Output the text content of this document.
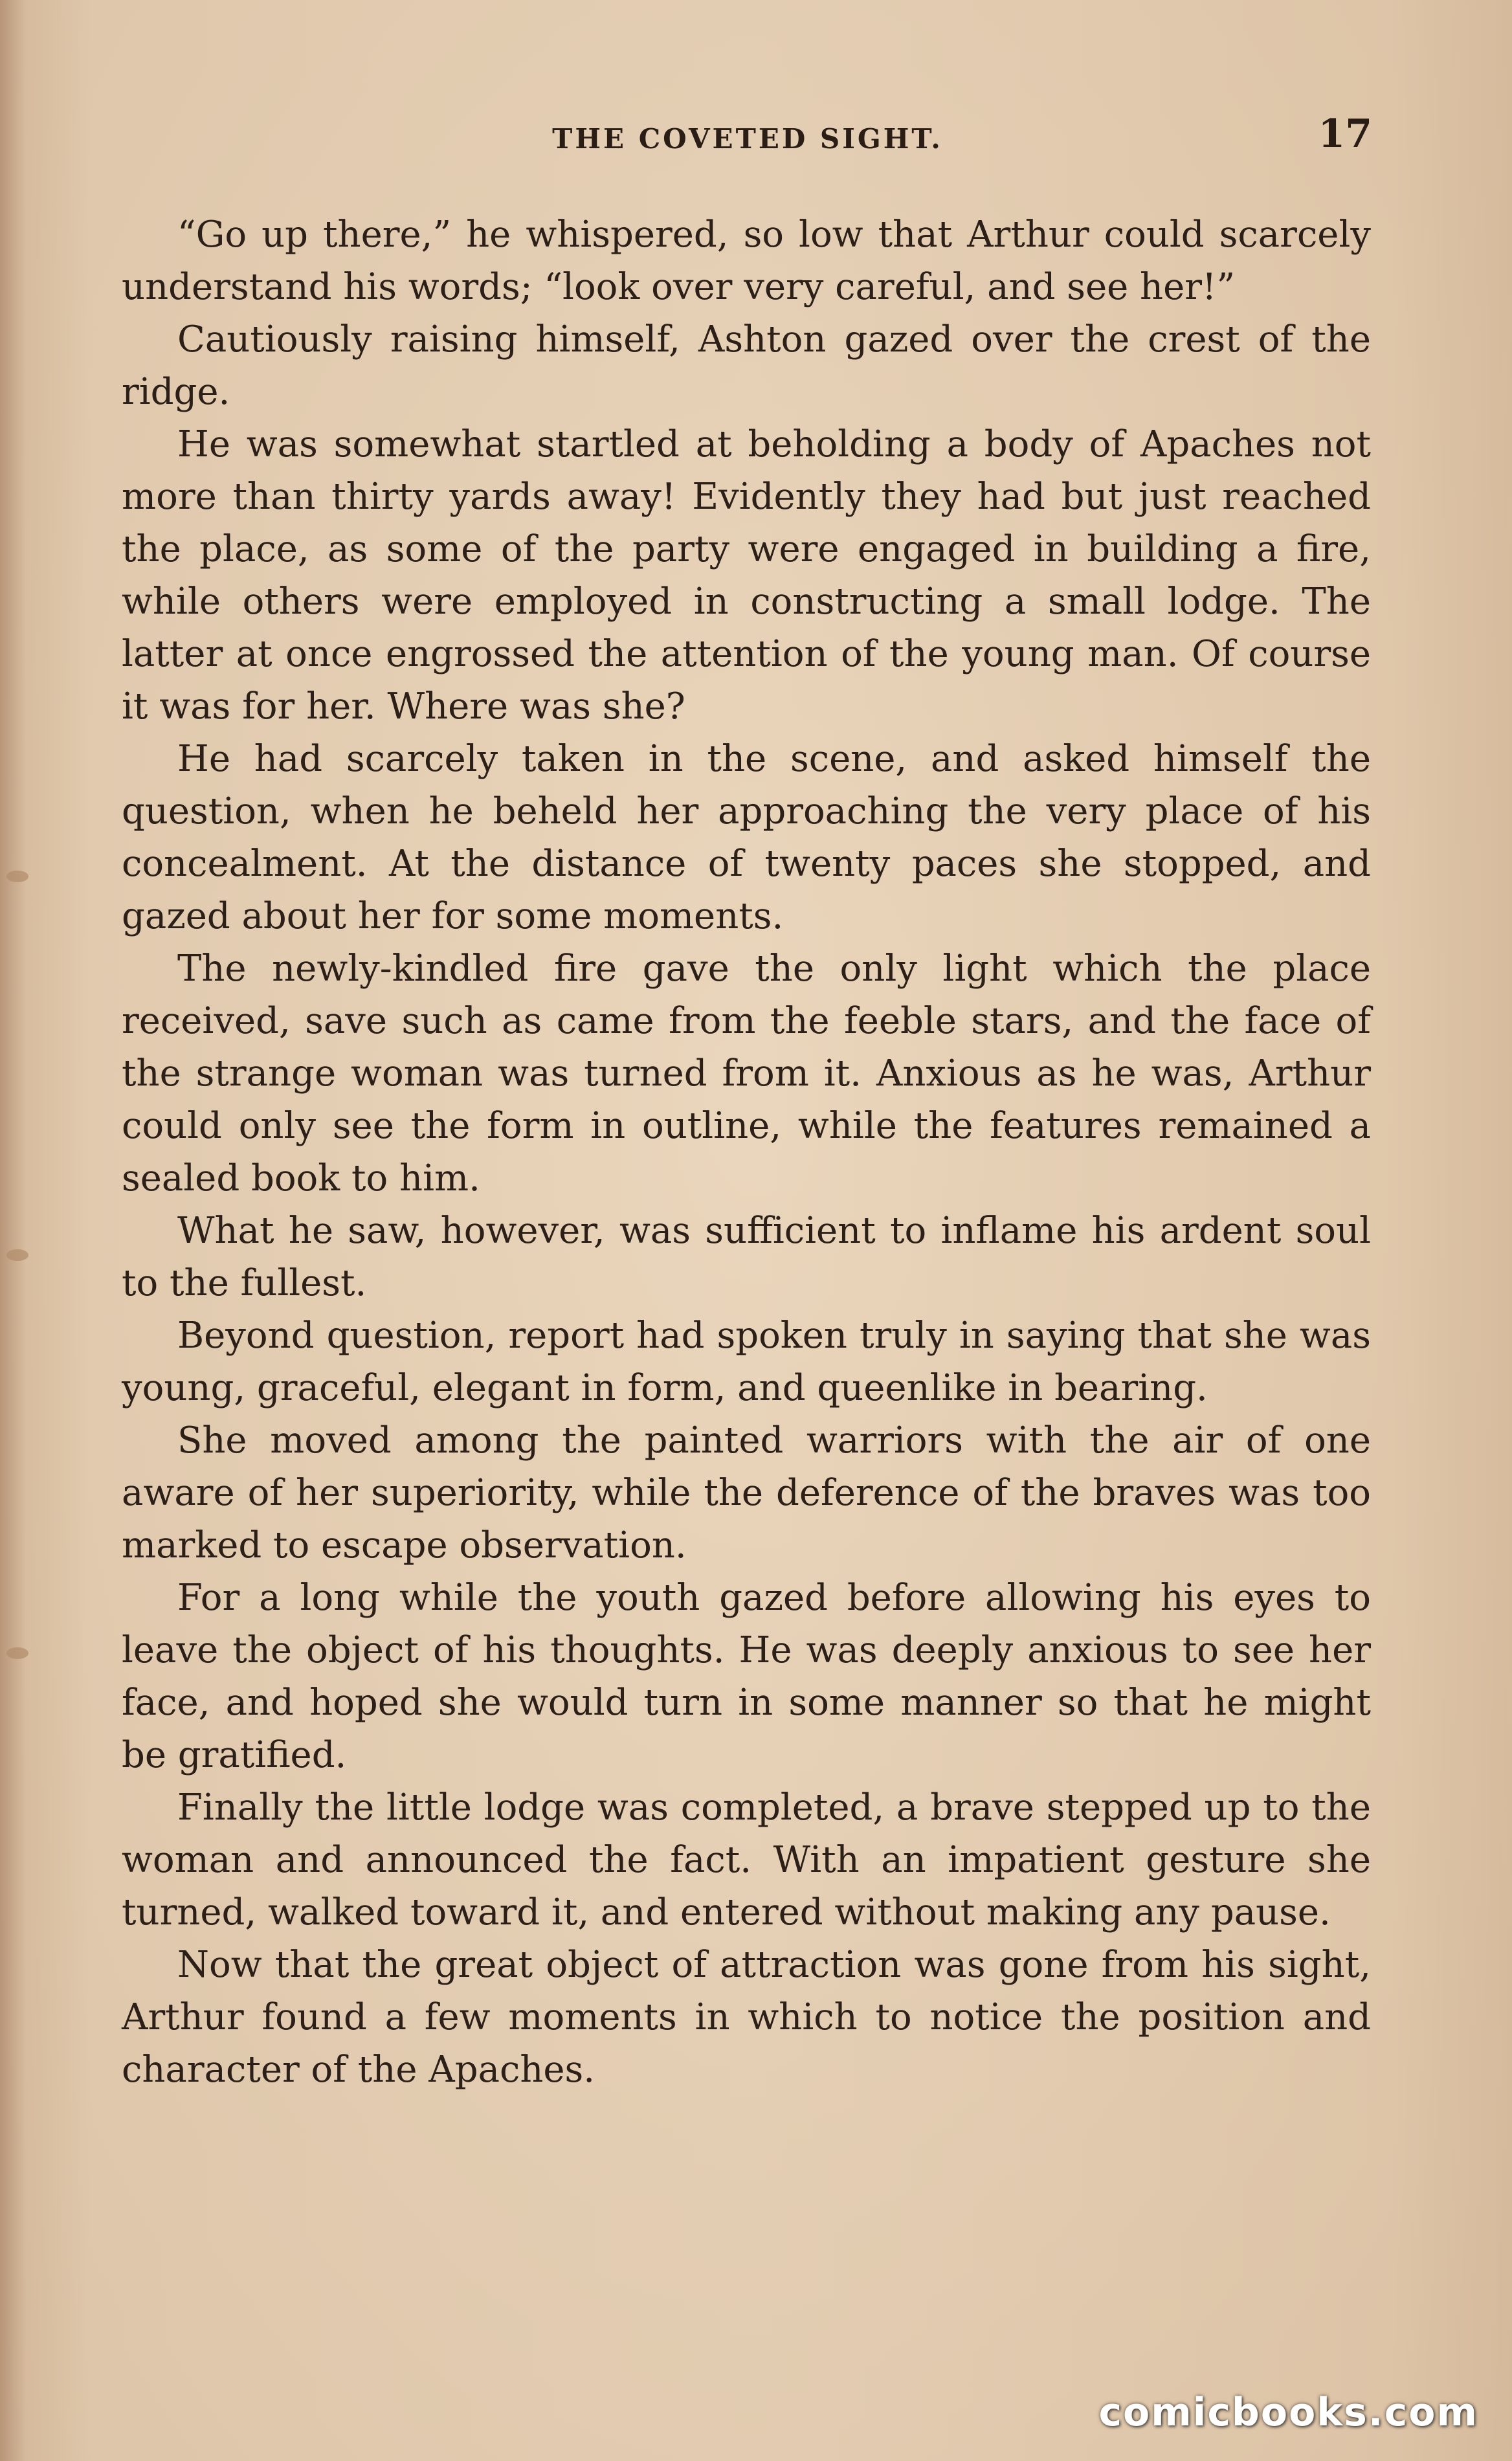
THE COVETED SIGHT.	17

“Go up there,” he whispered, so low that Arthur could scarcely understand his words; “look over very careful, and see her!”

Cautiously raising himself, Ashton gazed over the crest of the ridge.

He was somewhat startled at beholding a body of Apaches not more than thirty yards away! Evidently they had but just reached the place, as some of the party were engaged in building a fire, while others were employed in constructing a small lodge. The latter at once engrossed the attention of the young man. Of course it was for her. Where was she?

He had scarcely taken in the scene, and asked himself the question, when he beheld her approaching the very place of his concealment. At the distance of twenty paces she stopped, and gazed about her for some moments.

The newly-kindled fire gave the only light which the place received, save such as came from the feeble stars, and the face of the strange woman was turned from it. Anxious as he was, Arthur could only see the form in outline, while the features remained a sealed book to him.

What he saw, however, was sufficient to inflame his ardent soul to the fullest.

Beyond question, report had spoken truly in saying that she was young, graceful, elegant in form, and queenlike in bearing.

She moved among the painted warriors with the air of one aware of her superiority, while the deference of the braves was too marked to escape observation.

For a long while the youth gazed before allowing his eyes to leave the object of his thoughts. He was deeply anxious to see her face, and hoped she would turn in some manner so that he might be gratified.

Finally the little lodge was completed, a brave stepped up to the woman and announced the fact. With an impatient gesture she turned, walked toward it, and entered without making any pause.

Now that the great object of attraction was gone from his sight, Arthur found a few moments in which to notice the position and character of the Apaches.

comicbooks.com
